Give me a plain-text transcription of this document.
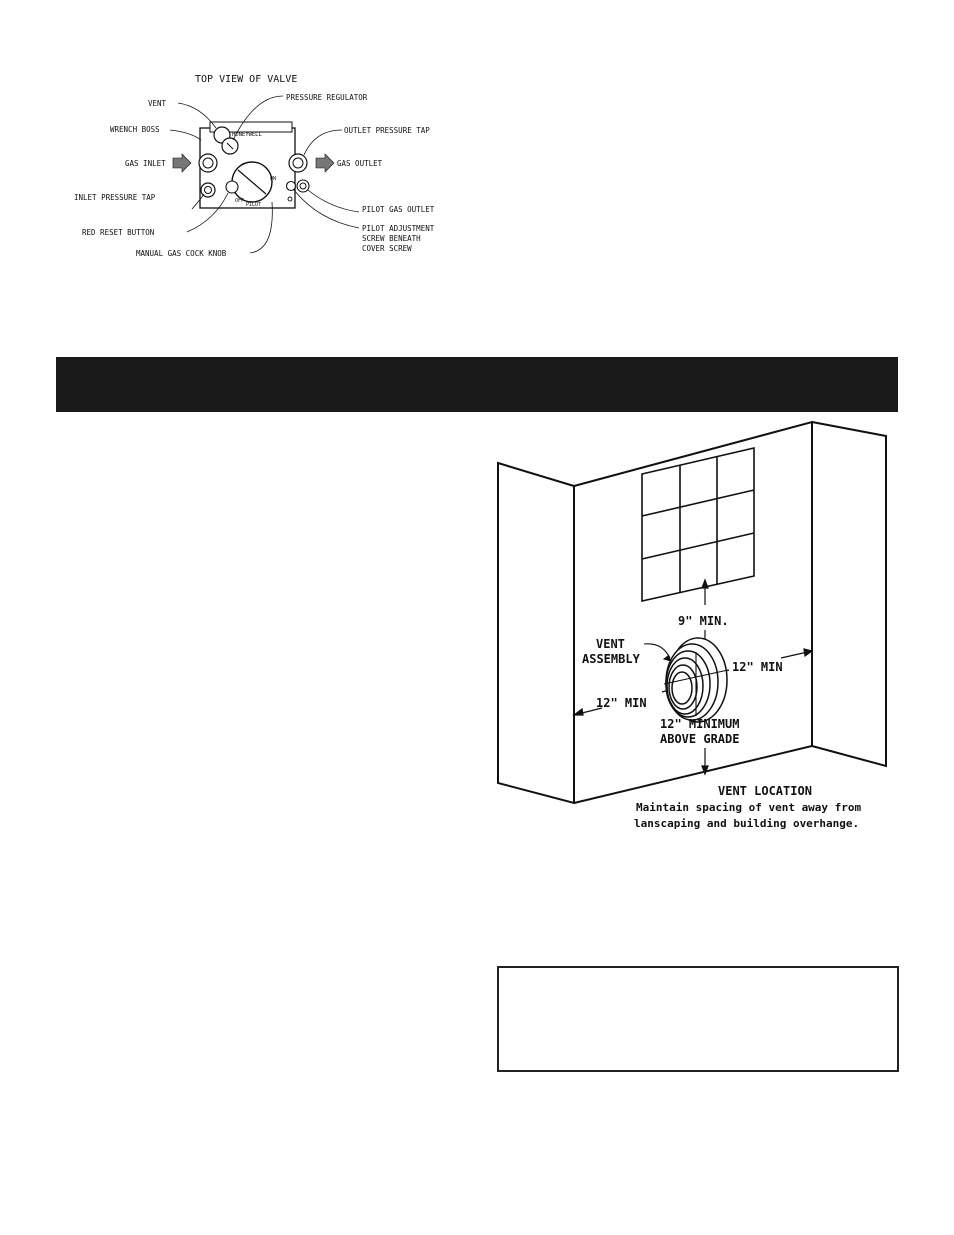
TOP VIEW OF VALVE
HONEYWELL
OFF
PILOT
ON
VENT
PRESSURE REGULATOR
WRENCH BOSS	OUTLET PRESSURE TAP
GAS INLET	GAS OUTLET
INLET PRESSURE TAP
PILOT GAS OUTLET
RED RESET BUTTON	PILOT ADJUSTMENT
SCREW BENEATH
COVER SCREW
MANUAL GAS COCK KNOB
9" MIN.
VENT
ASSEMBLY
12" MIN
12" MIN
12" MINIMUM
ABOVE GRADE
VENT LOCATION
Maintain spacing of vent away from
lanscaping and building overhange.
